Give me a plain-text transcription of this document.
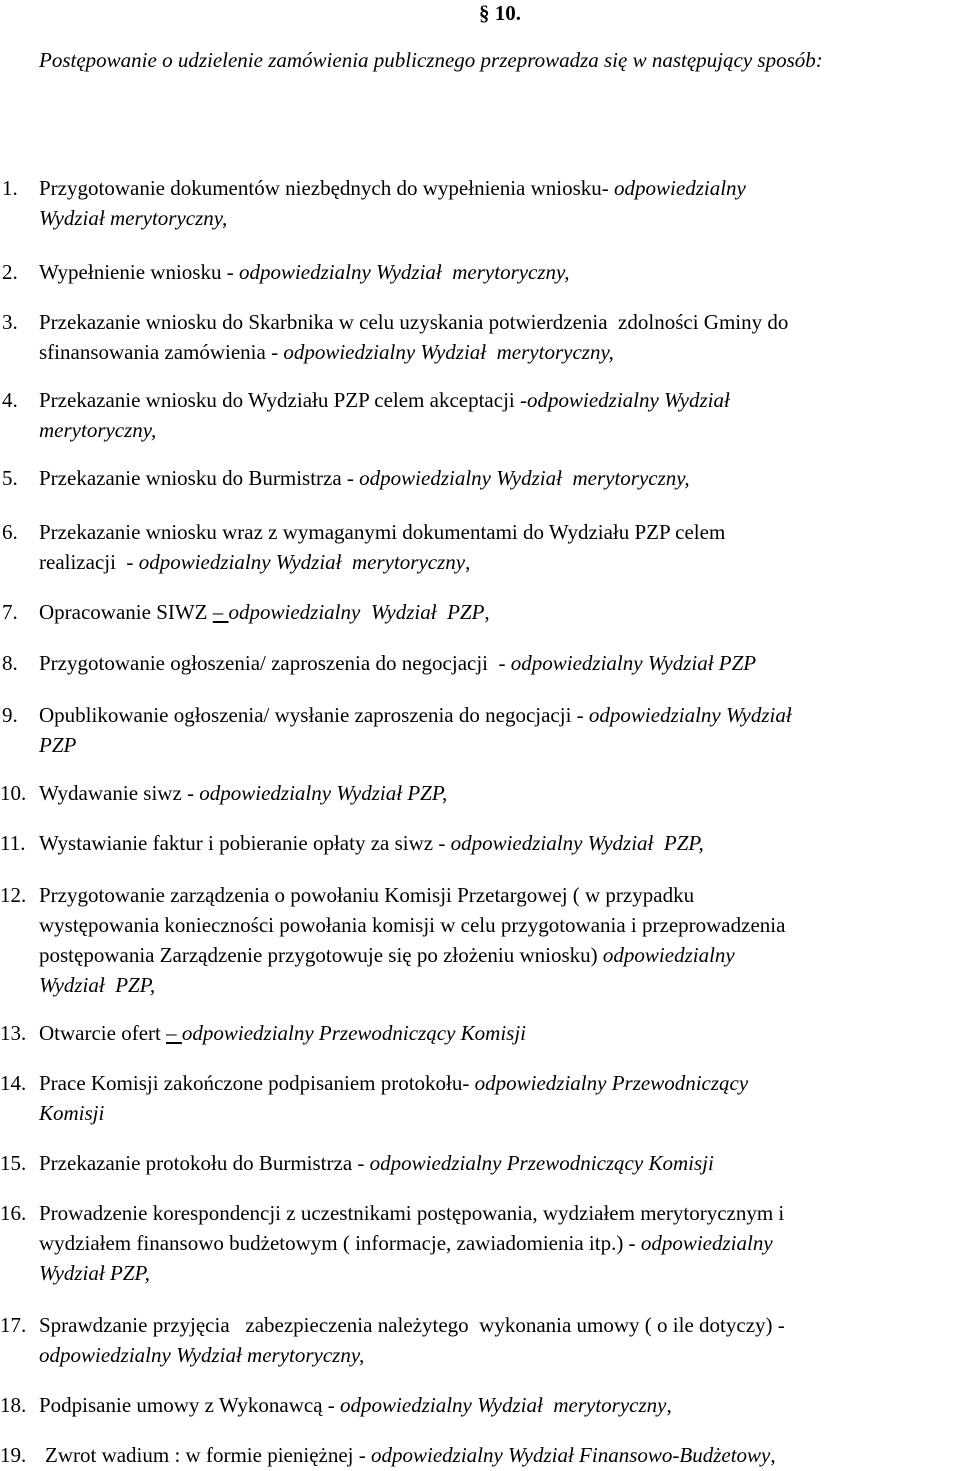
§ 10.

Postępowanie o udzielenie zamówienia publicznego przeprowadza się w następujący sposób:

1.	Przygotowanie dokumentów niezbędnych do wypełnienia wniosku- odpowiedzialny
Wydział merytoryczny,
2.	Wypełnienie wniosku - odpowiedzialny Wydział  merytoryczny,
3.	Przekazanie wniosku do Skarbnika w celu uzyskania potwierdzenia  zdolności Gminy do
sfinansowania zamówienia - odpowiedzialny Wydział  merytoryczny,
4.	Przekazanie wniosku do Wydziału PZP celem akceptacji -odpowiedzialny Wydział
merytoryczny,
5.	Przekazanie wniosku do Burmistrza - odpowiedzialny Wydział  merytoryczny,
6.	Przekazanie wniosku wraz z wymaganymi dokumentami do Wydziału PZP celem
realizacji  - odpowiedzialny Wydział  merytoryczny,
7.	Opracowanie SIWZ – odpowiedzialny  Wydział  PZP,
8.	Przygotowanie ogłoszenia/ zaproszenia do negocjacji  - odpowiedzialny Wydział PZP
9.	Opublikowanie ogłoszenia/ wysłanie zaproszenia do negocjacji - odpowiedzialny Wydział
PZP
10. Wydawanie siwz - odpowiedzialny Wydział PZP,
11. Wystawianie faktur i pobieranie opłaty za siwz - odpowiedzialny Wydział  PZP,
12. Przygotowanie zarządzenia o powołaniu Komisji Przetargowej ( w przypadku
występowania konieczności powołania komisji w celu przygotowania i przeprowadzenia
postępowania Zarządzenie przygotowuje się po złożeniu wniosku) odpowiedzialny
Wydział  PZP,
13. Otwarcie ofert – odpowiedzialny Przewodniczący Komisji
14. Prace Komisji zakończone podpisaniem protokołu- odpowiedzialny Przewodniczący
Komisji
15. Przekazanie protokołu do Burmistrza - odpowiedzialny Przewodniczący Komisji
16. Prowadzenie korespondencji z uczestnikami postępowania, wydziałem merytorycznym i
wydziałem finansowo budżetowym ( informacje, zawiadomienia itp.) - odpowiedzialny
Wydział PZP,
17. Sprawdzanie przyjęcia   zabezpieczenia należytego  wykonania umowy ( o ile dotyczy) -
odpowiedzialny Wydział merytoryczny,
18. Podpisanie umowy z Wykonawcą - odpowiedzialny Wydział  merytoryczny,
19. Zwrot wadium : w formie pieniężnej - odpowiedzialny Wydział Finansowo-Budżetowy,
